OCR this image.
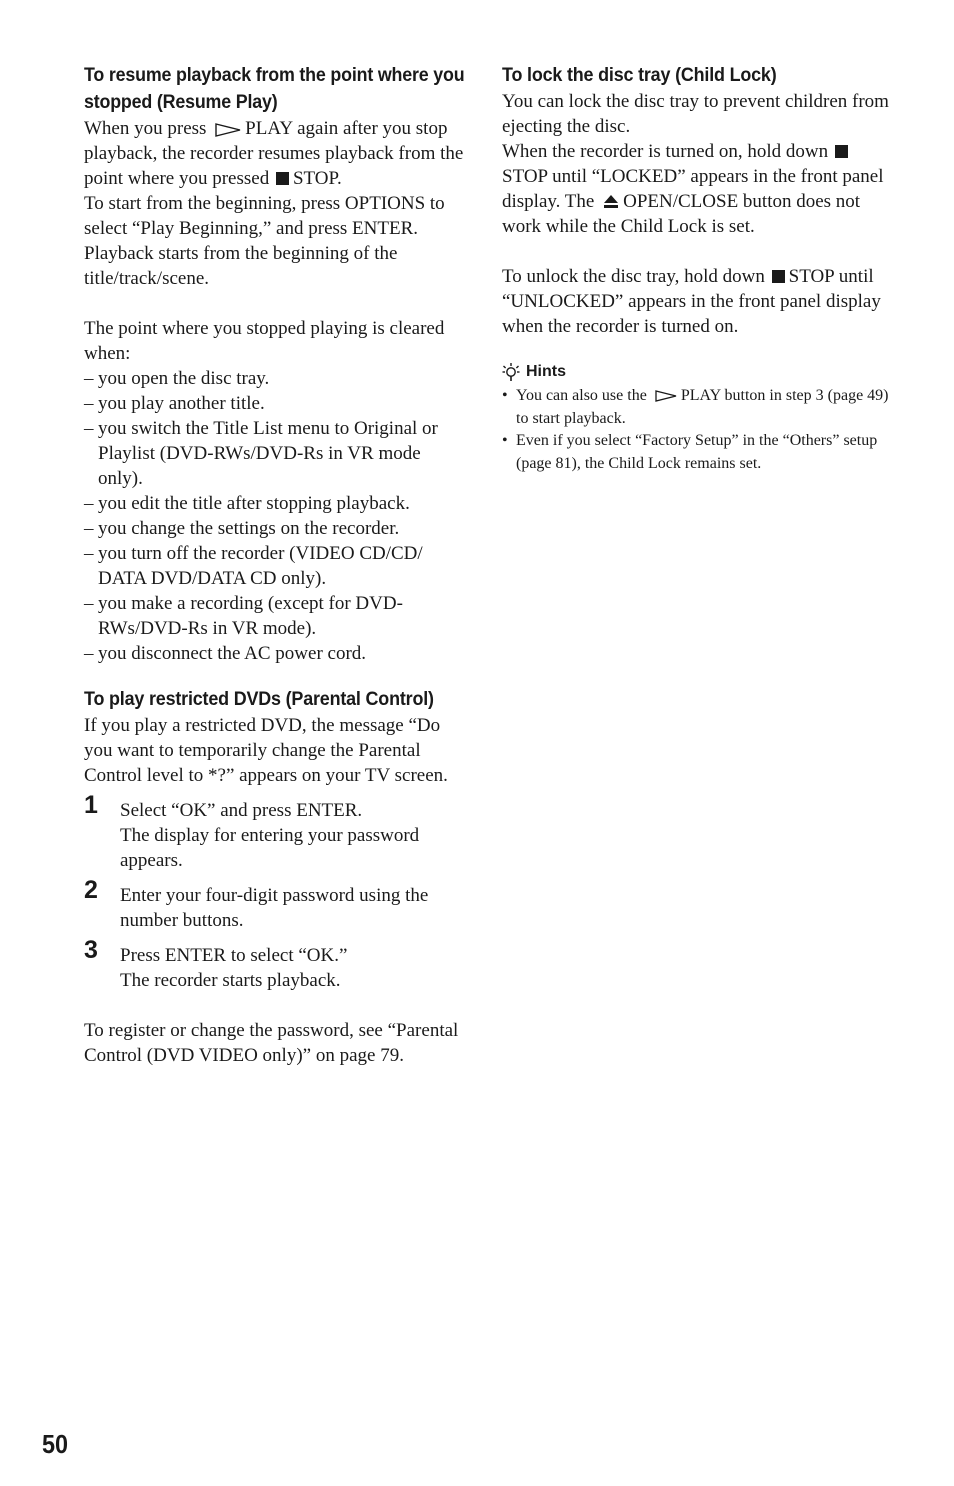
To resume playback from the point where you stopped (Resume Play)

When you press PLAY again after you stop playback, the recorder resumes playback from the point where you pressed STOP.

To start from the beginning, press OPTIONS to select “Play Beginning,” and press ENTER. Playback starts from the beginning of the title/track/scene.

The point where you stopped playing is cleared when:

– you open the disc tray.
– you play another title.
– you switch the Title List menu to Original or Playlist (DVD-RWs/DVD-Rs in VR mode only).
– you edit the title after stopping playback.
– you change the settings on the recorder.
– you turn off the recorder (VIDEO CD/CD/ DATA DVD/DATA CD only).
– you make a recording (except for DVD-RWs/DVD-Rs in VR mode).
– you disconnect the AC power cord.
To play restricted DVDs (Parental Control)

If you play a restricted DVD, the message “Do you want to temporarily change the Parental Control level to *?” appears on your TV screen.

1 Select “OK” and press ENTER.

The display for entering your password appears.

2 Enter your four-digit password using the number buttons.

3 Press ENTER to select “OK.”

The recorder starts playback.

To register or change the password, see “Parental Control (DVD VIDEO only)” on page 79.

To lock the disc tray (Child Lock)

You can lock the disc tray to prevent children from ejecting the disc.

When the recorder is turned on, hold down STOP until “LOCKED” appears in the front panel display. The OPEN/CLOSE button does not work while the Child Lock is set.

To unlock the disc tray, hold down STOP until “UNLOCKED” appears in the front panel display when the recorder is turned on.

Hints
• You can also use the PLAY button in step 3 (page 49) to start playback.
• Even if you select “Factory Setup” in the “Others” setup (page 81), the Child Lock remains set.
50
